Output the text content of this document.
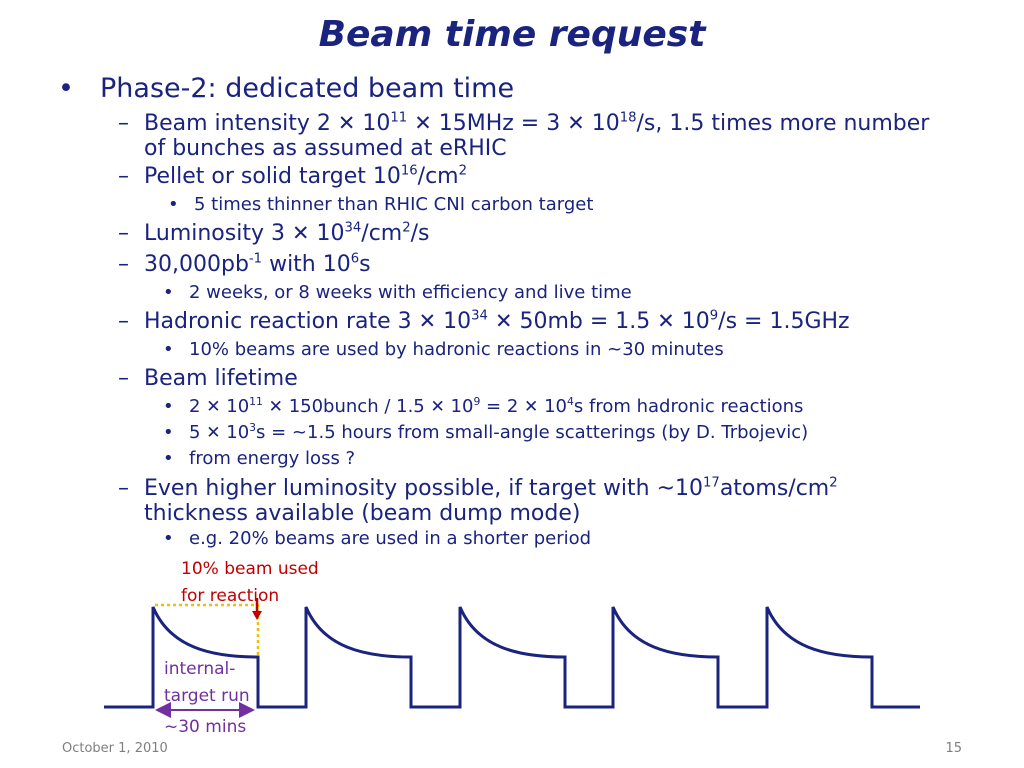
Beam time request
• Phase-2: dedicated beam time
– Beam intensity 2 ✕ $10^{11}$ ✕ 15MHz = 3 ✕ $10^{18}/s$, 1.5 times more number
of bunches as assumed at eRHIC
– Pellet or solid target $10^{16}/cm^2$
• 5 times thinner than RHIC CNI carbon target
– Luminosity 3 ✕ $10^{34}/cm^2/s$
– $30,000pb^{-1}$ with $10^6s$
• 2 weeks, or 8 weeks with efficiency and live time
– Hadronic reaction rate 3 ✕ $10^{34}$ ✕ 50mb = 1.5 ✕ $10^9/s = 1.5GHz$
• 10% beams are used by hadronic reactions in ~30 minutes
– Beam lifetime
• 2 ✕ $10^{11}$ ✕ 150bunch / 1.5 ✕ $10^9 = 2$ ✕ $10^4s$ from hadronic reactions
• 5 ✕ $10^3s$ = ~1.5 hours from small-angle scatterings (by D. Trbojevic)
• from energy loss ?
– Even higher luminosity possible, if target with $\sim 10^{17}atoms/cm^2$
thickness available (beam dump mode)
• e.g. 20% beams are used in a shorter period
10% beam used
for reaction
internal-
target run
~30 mins
October 1, 2010	15
